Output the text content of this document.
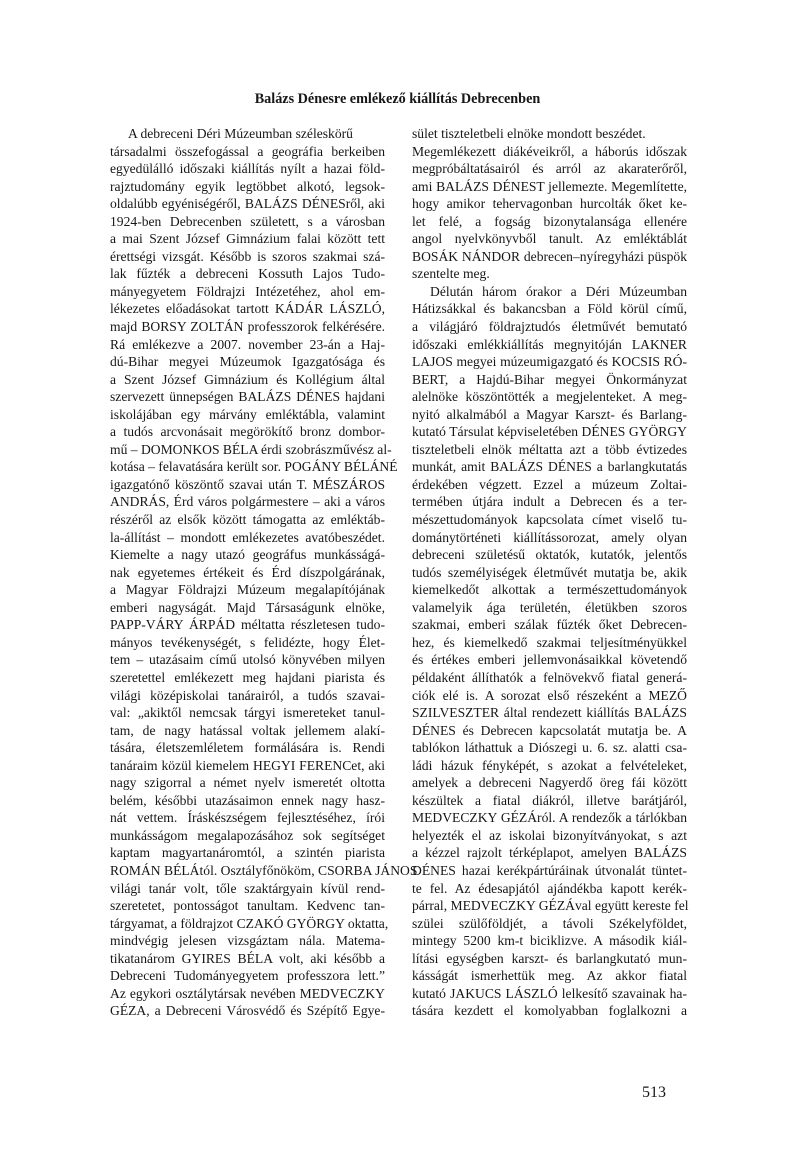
Balázs Dénesre emlékező kiállítás Debrecenben
A debreceni Déri Múzeumban széleskörű
társadalmi összefogással a geográfia berkeiben
egyedülálló időszaki kiállítás nyílt a hazai föld-
rajztudomány egyik legtöbbet alkotó, legsok-
oldalúbb egyéniségéről, BALÁZS DÉNESről, aki
1924-ben Debrecenben született, s a városban
a mai Szent József Gimnázium falai között tett
érettségi vizsgát. Később is szoros szakmai szá-
lak fűzték a debreceni Kossuth Lajos Tudo-
mányegyetem Földrajzi Intézetéhez, ahol em-
lékezetes előadásokat tartott KÁDÁR LÁSZLÓ,
majd BORSY ZOLTÁN professzorok felkérésére.
Rá emlékezve a 2007. november 23-án a Haj-
dú-Bihar megyei Múzeumok Igazgatósága és
a Szent József Gimnázium és Kollégium által
szervezett ünnepségen BALÁZS DÉNES hajdani
iskolájában egy márvány emléktábla, valamint
a tudós arcvonásait megörökítő bronz dombor-
mű – DOMONKOS BÉLA érdi szobrászművész al-
kotása – felavatására került sor. POGÁNY BÉLÁNÉ
igazgatónő köszöntő szavai után T. MÉSZÁROS
ANDRÁS, Érd város polgármestere – aki a város
részéről az elsők között támogatta az emléktáb-
la-állítást – mondott emlékezetes avatóbeszédet.
Kiemelte a nagy utazó geográfus munkásságá-
nak egyetemes értékeit és Érd díszpolgárának,
a Magyar Földrajzi Múzeum megalapítójának
emberi nagyságát. Majd Társaságunk elnöke,
PAPP-VÁRY ÁRPÁD méltatta részletesen tudo-
mányos tevékenységét, s felidézte, hogy Élet-
tem – utazásaim című utolsó könyvében milyen
szeretettel emlékezett meg hajdani piarista és
világi középiskolai tanárairól, a tudós szavai-
val: „akiktől nemcsak tárgyi ismereteket tanul-
tam, de nagy hatással voltak jellemem alakí-
tására, életszemléletem formálására is. Rendi
tanáraim közül kiemelem HEGYI FERENCet, aki
nagy szigorral a német nyelv ismeretét oltotta
belém, későbbi utazásaimon ennek nagy hasz-
nát vettem. Íráskészségem fejlesztéséhez, írói
munkásságom megalapozásához sok segítséget
kaptam magyartanáromtól, a szintén piarista
ROMÁN BÉLÁtól. Osztályfőnököm, CSORBA JÁNOS
világi tanár volt, tőle szaktárgyain kívül rend-
szeretetet, pontosságot tanultam. Kedvenc tan-
tárgyamat, a földrajzot CZAKÓ GYÖRGY oktatta,
mindvégig jelesen vizsgáztam nála. Matema-
tikatanárom GYIRES BÉLA volt, aki később a
Debreceni Tudományegyetem professzora lett.”
Az egykori osztálytársak nevében MEDVECZKY
GÉZA, a Debreceni Városvédő és Szépítő Egye-
sület tiszteletbeli elnöke mondott beszédet.
Megemlékezett diákéveikről, a háborús időszak
megpróbáltatásairól és arról az akaraterőről,
ami BALÁZS DÉNEST jellemezte. Megemlítette,
hogy amikor tehervagonban hurcolták őket ke-
let felé, a fogság bizonytalansága ellenére
angol nyelvkönyvből tanult. Az emléktáblát
BOSÁK NÁNDOR debrecen–nyíregyházi püspök
szentelte meg.
Délután három órakor a Déri Múzeumban
Hátizsákkal és bakancsban a Föld körül című,
a világjáró földrajztudós életművét bemutató
időszaki emlékkiállítás megnyitóján LAKNER
LAJOS megyei múzeumigazgató és KOCSIS RÓ-
BERT, a Hajdú-Bihar megyei Önkormányzat
alelnöke köszöntötték a megjelenteket. A meg-
nyitó alkalmából a Magyar Karszt- és Barlang-
kutató Társulat képviseletében DÉNES GYÖRGY
tiszteletbeli elnök méltatta azt a több évtizedes
munkát, amit BALÁZS DÉNES a barlangkutatás
érdekében végzett. Ezzel a múzeum Zoltai-
termében útjára indult a Debrecen és a ter-
mészettudományok kapcsolata címet viselő tu-
dománytörténeti kiállítássorozat, amely olyan
debreceni születésű oktatók, kutatók, jelentős
tudós személyiségek életművét mutatja be, akik
kiemelkedőt alkottak a természettudományok
valamelyik ága területén, életükben szoros
szakmai, emberi szálak fűzték őket Debrecen-
hez, és kiemelkedő szakmai teljesítményükkel
és értékes emberi jellemvonásaikkal követendő
példaként állíthatók a felnövekvő fiatal generá-
ciók elé is. A sorozat első részeként a MEZŐ
SZILVESZTER által rendezett kiállítás BALÁZS
DÉNES és Debrecen kapcsolatát mutatja be. A
tablókon láthattuk a Diószegi u. 6. sz. alatti csa-
ládi házuk fényképét, s azokat a felvételeket,
amelyek a debreceni Nagyerdő öreg fái között
készültek a fiatal diákról, illetve barátjáról,
MEDVECZKY GÉZÁról. A rendezők a tárlókban
helyezték el az iskolai bizonyítványokat, s azt
a kézzel rajzolt térképlapot, amelyen BALÁZS
DÉNES hazai kerékpártúráinak útvonalát tüntet-
te fel. Az édesapjától ajándékba kapott kerék-
párral, MEDVECZKY GÉZÁval együtt kereste fel
szülei szülőföldjét, a távoli Székelyföldet,
mintegy 5200 km-t biciklizve. A második kiál-
lítási egységben karszt- és barlangkutató mun-
kásságát ismerhettük meg. Az akkor fiatal
kutató JAKUCS LÁSZLÓ lelkesítő szavainak ha-
tására kezdett el komolyabban foglalkozni a
513
